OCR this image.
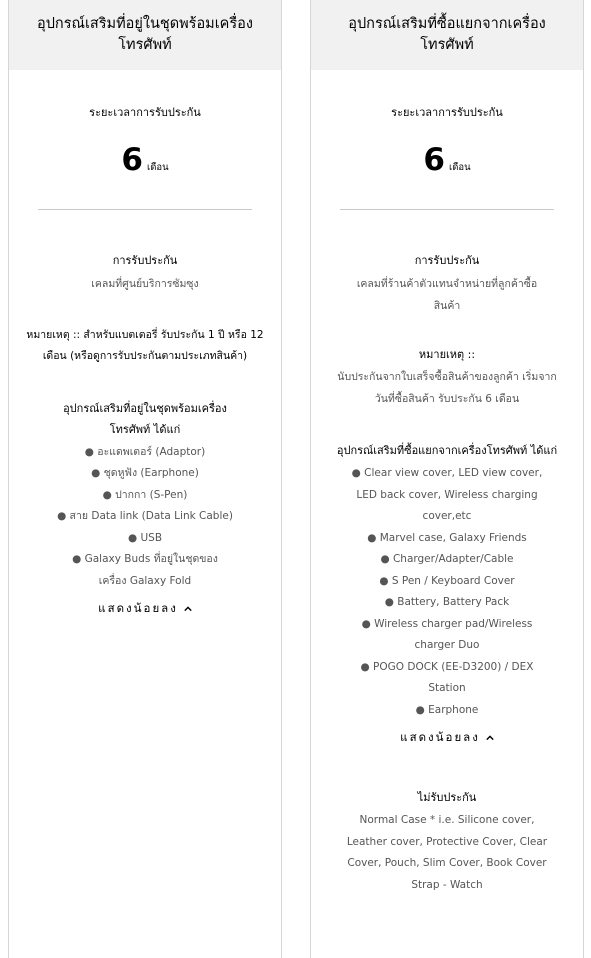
อุปกรณ์เสริมที่อยู่ในชุดพร้อมเครื่อง โทรศัพท์
ระยะเวลาการรับประกัน
6 เดือน
การรับประกัน
เคลมที่ศูนย์บริการซัมซุง
หมายเหตุ :: สำหรับแบตเตอรี่ รับประกัน 1 ปี หรือ 12 เดือน (หรือดูการรับประกันตามประเภทสินค้า)
อุปกรณ์เสริมที่อยู่ในชุดพร้อมเครื่องโทรศัพท์ ได้แก่
● อะแดพเตอร์ (Adaptor)
● ชุดหูฟัง (Earphone)
● ปากกา (S-Pen)
● สาย Data link (Data Link Cable)
● USB
● Galaxy Buds ที่อยู่ในชุดของเครื่อง Galaxy Fold
แสดงน้อยลง
อุปกรณ์เสริมที่ซื้อแยกจากเครื่อง โทรศัพท์
ระยะเวลาการรับประกัน
6 เดือน
การรับประกัน
เคลมที่ร้านค้าตัวแทนจำหน่ายที่ลูกค้าซื้อสินค้า
หมายเหตุ ::
นับประกันจากใบเสร็จซื้อสินค้าของลูกค้า เริ่มจากวันที่ซื้อสินค้า รับประกัน 6 เดือน
อุปกรณ์เสริมที่ซื้อแยกจากเครื่องโทรศัพท์ ได้แก่
● Clear view cover, LED view cover, LED back cover, Wireless charging cover,etc
● Marvel case, Galaxy Friends
● Charger/Adapter/Cable
● S Pen / Keyboard Cover
● Battery, Battery Pack
● Wireless charger pad/Wireless charger Duo
● POGO DOCK (EE-D3200) / DEX Station
● Earphone
แสดงน้อยลง
ไม่รับประกัน
Normal Case * i.e. Silicone cover, Leather cover, Protective Cover, Clear Cover, Pouch, Slim Cover, Book Cover Strap - Watch
